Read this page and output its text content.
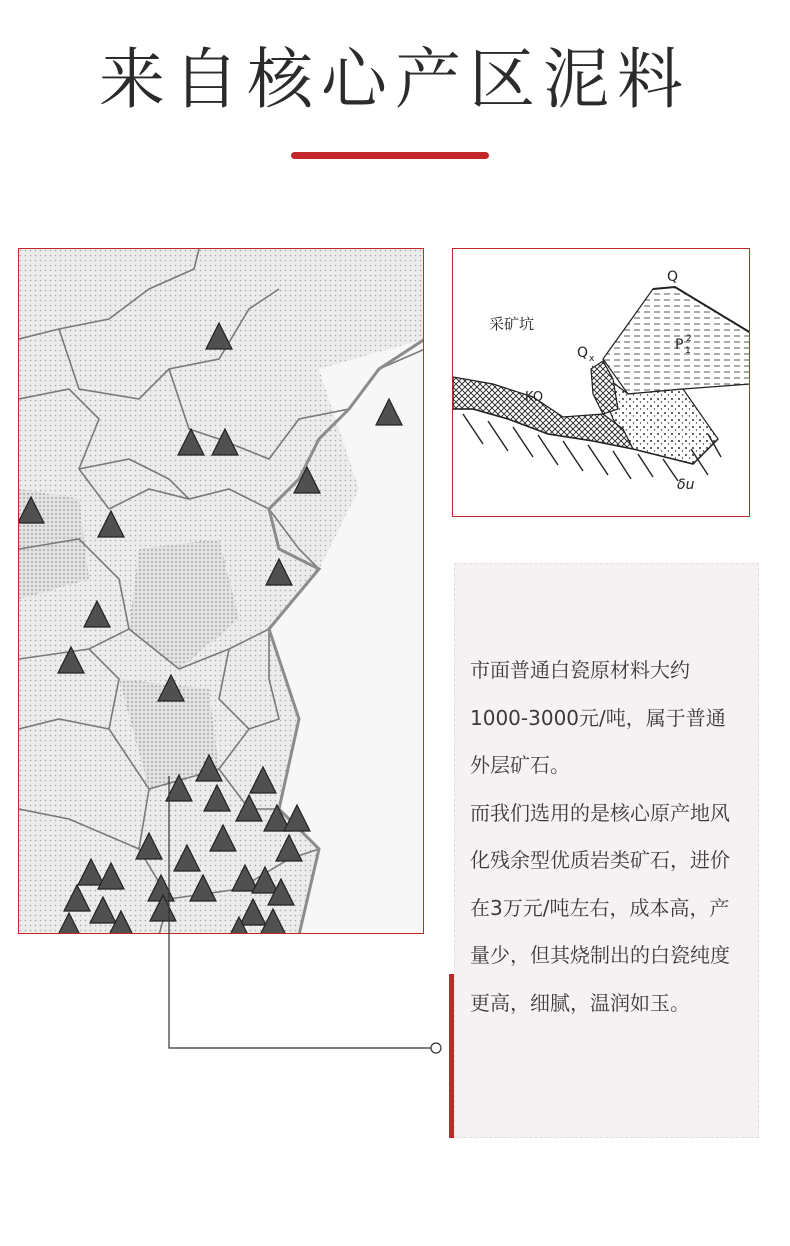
来自核心产区泥料
采矿坑
Q
Q x
P 1
2
KO
δu

市面普通白瓷原材料大约1000-3000元/吨，属于普通外层矿石。

而我们选用的是核心原产地风化残余型优质岩类矿石，进价在3万元/吨左右，成本高，产量少，但其烧制出的白瓷纯度更高，细腻，温润如玉。
